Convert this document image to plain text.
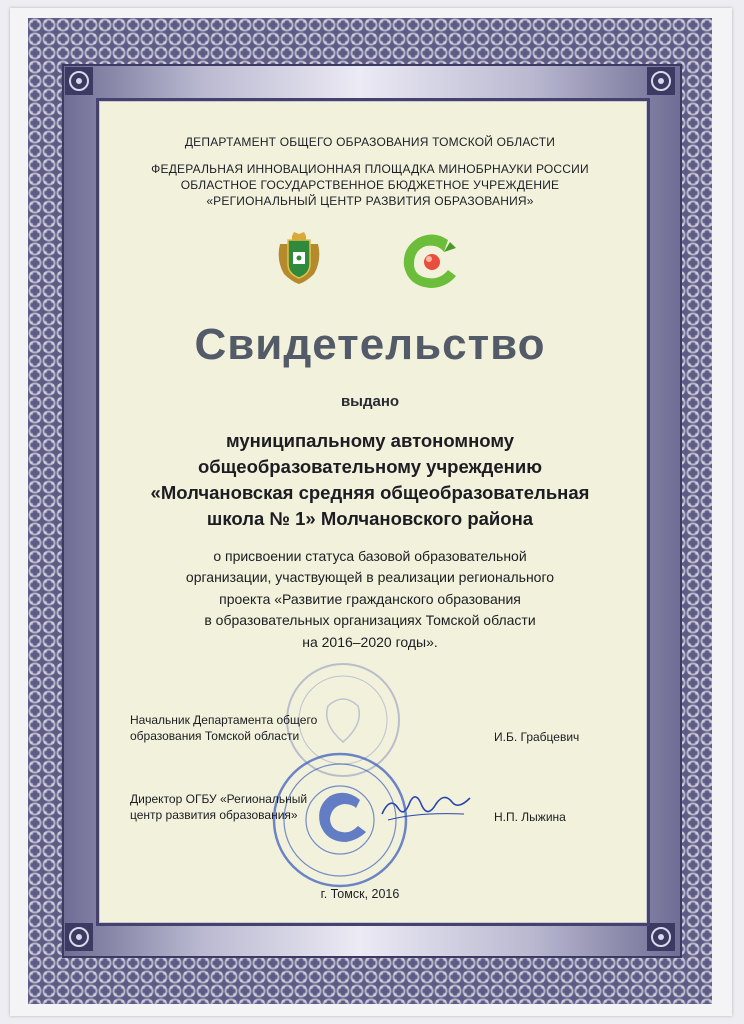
ДЕПАРТАМЕНТ ОБЩЕГО ОБРАЗОВАНИЯ ТОМСКОЙ ОБЛАСТИ
ФЕДЕРАЛЬНАЯ ИННОВАЦИОННАЯ ПЛОЩАДКА МИНОБРНАУКИ РОССИИ
ОБЛАСТНОЕ ГОСУДАРСТВЕННОЕ БЮДЖЕТНОЕ УЧРЕЖДЕНИЕ
«РЕГИОНАЛЬНЫЙ ЦЕНТР РАЗВИТИЯ ОБРАЗОВАНИЯ»
Свидетельство
выдано
муниципальному автономному
общеобразовательному учреждению
«Молчановская средняя общеобразовательная
школа № 1» Молчановского района
о присвоении статуса базовой образовательной
организации, участвующей в реализации регионального
проекта «Развитие гражданского образования
в образовательных организациях Томской области
на 2016–2020 годы».
Начальник Департамента общего
образования Томской области	И.Б. Грабцевич
Директор ОГБУ «Региональный
центр развития образования»	Н.П. Лыжина
г. Томск, 2016
